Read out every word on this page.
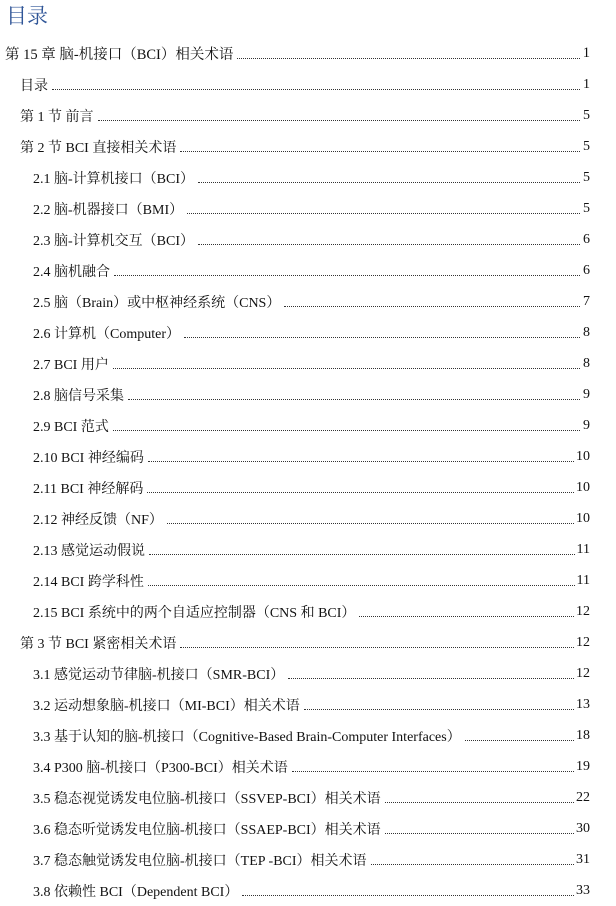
目录
第 15 章 脑-机接口（BCI）相关术语	1
目录	1
第 1 节 前言	5
第 2 节 BCI 直接相关术语	5
2.1 脑-计算机接口（BCI）	5
2.2 脑-机器接口（BMI）	5
2.3 脑-计算机交互（BCI）	6
2.4 脑机融合	6
2.5 脑（Brain）或中枢神经系统（CNS）	7
2.6 计算机（Computer）	8
2.7 BCI 用户	8
2.8 脑信号采集	9
2.9 BCI 范式	9
2.10 BCI 神经编码	10
2.11 BCI 神经解码	10
2.12 神经反馈（NF）	10
2.13 感觉运动假说	11
2.14 BCI 跨学科性	11
2.15 BCI 系统中的两个自适应控制器（CNS 和 BCI）	12
第 3 节 BCI 紧密相关术语	12
3.1 感觉运动节律脑-机接口（SMR-BCI）	12
3.2 运动想象脑-机接口（MI-BCI）相关术语	13
3.3 基于认知的脑-机接口（Cognitive-Based Brain-Computer Interfaces）	18
3.4 P300 脑-机接口（P300-BCI）相关术语	19
3.5 稳态视觉诱发电位脑-机接口（SSVEP-BCI）相关术语	22
3.6 稳态听觉诱发电位脑-机接口（SSAEP-BCI）相关术语	30
3.7 稳态触觉诱发电位脑-机接口（TEP -BCI）相关术语	31
3.8 依赖性 BCI（Dependent BCI）	33
